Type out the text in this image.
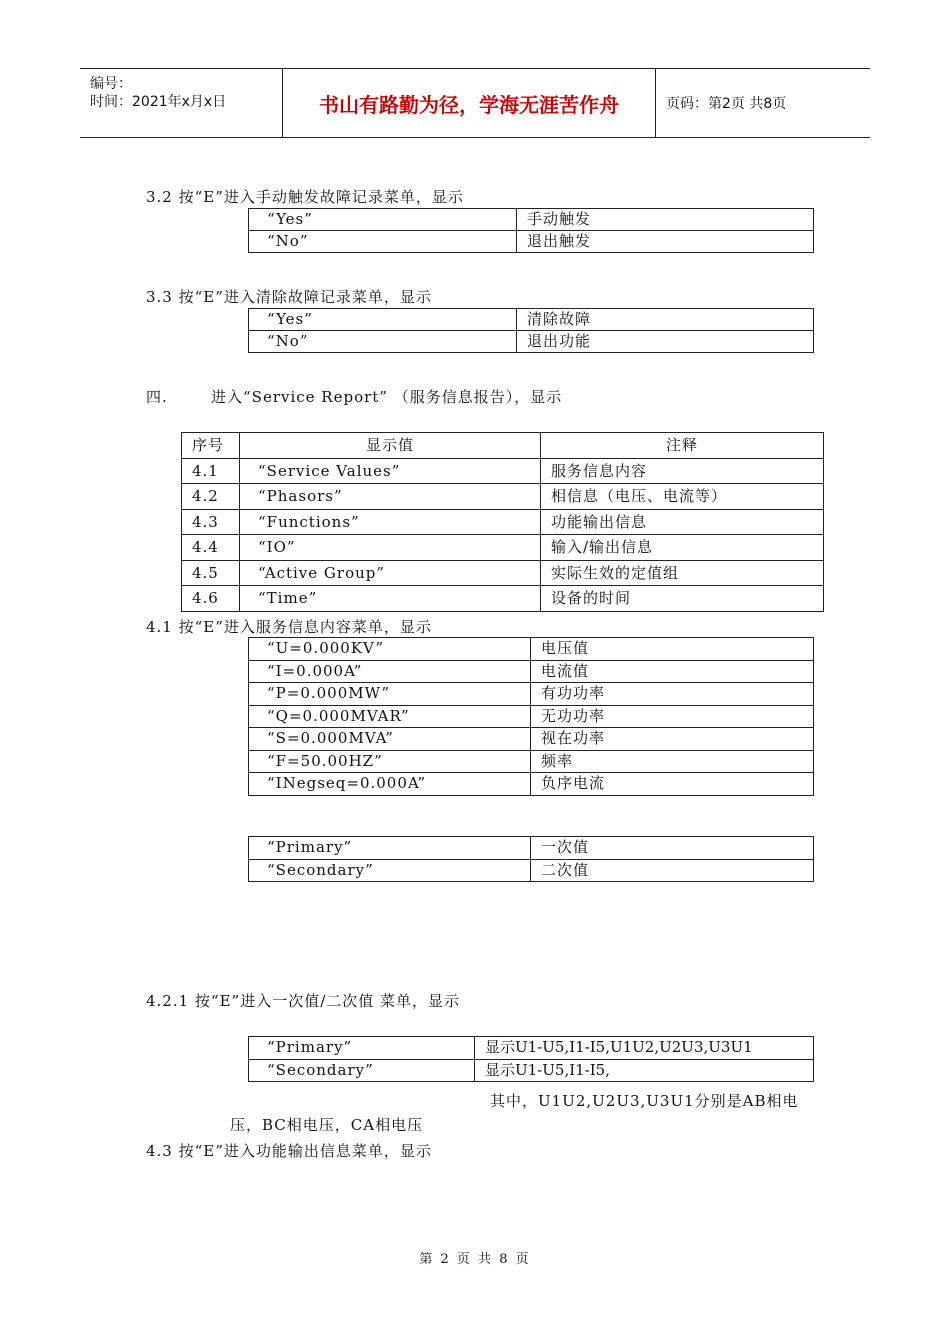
编号：
时间：2021年x月x日	书山有路勤为径，学海无涯苦作舟	页码：第2页 共8页
3.2 按“E”进入手动触发故障记录菜单，显示
“Yes”	手动触发
“No”	退出触发
3.3 按“E”进入清除故障记录菜单，显示
“Yes”	清除故障
“No”	退出功能
四.	进入“Service Report” （服务信息报告），显示
序号	显示值	注释
4.1	“Service Values”	服务信息内容
4.2	“Phasors”	相信息（电压、电流等）
4.3	“Functions”	功能输出信息
4.4	“IO”	输入/输出信息
4.5	“Active Group”	实际生效的定值组
4.6	“Time”	设备的时间
4.1 按“E”进入服务信息内容菜单，显示
“U=0.000KV”	电压值
“I=0.000A”	电流值
“P=0.000MW”	有功功率
“Q=0.000MVAR”	无功功率
“S=0.000MVA”	视在功率
“F=50.00HZ”	频率
“INegseq=0.000A”	负序电流
“Primary”	一次值
“Secondary”	二次值
4.2.1 按“E”进入一次值/二次值 菜单，显示
“Primary”	显示U1-U5,I1-I5,U1U2,U2U3,U3U1
“Secondary”	显示U1-U5,I1-I5,
其中，U1U2,U2U3,U3U1分别是AB相电
压，BC相电压，CA相电压
4.3 按“E”进入功能输出信息菜单，显示
第 2 页 共 8 页
